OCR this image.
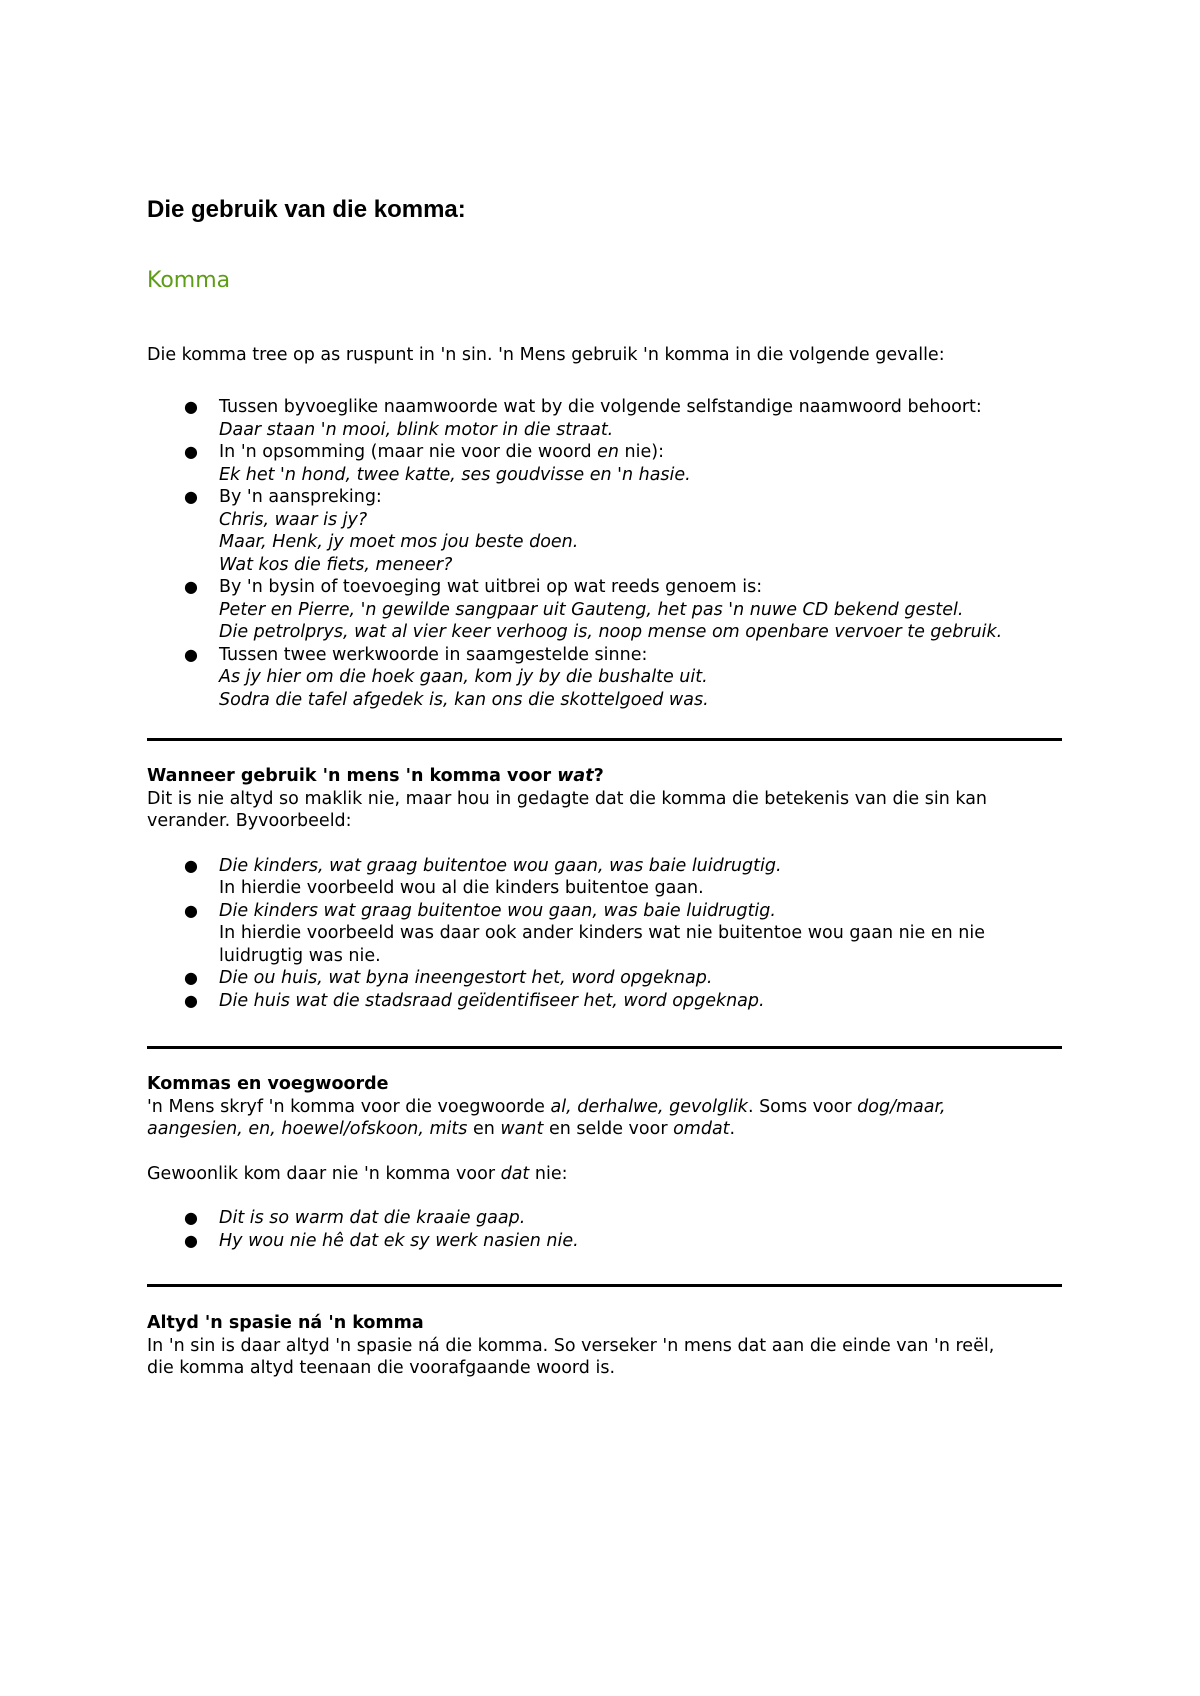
Die gebruik van die komma:
Komma

Die komma tree op as ruspunt in 'n sin. 'n Mens gebruik 'n komma in die volgende gevalle:

● Tussen byvoeglike naamwoorde wat by die volgende selfstandige naamwoord behoort:
Daar staan 'n mooi, blink motor in die straat.
● In 'n opsomming (maar nie voor die woord en nie):
Ek het 'n hond, twee katte, ses goudvisse en 'n hasie.
● By 'n aanspreking:
Chris, waar is jy?
Maar, Henk, jy moet mos jou beste doen.
Wat kos die fiets, meneer?
● By 'n bysin of toevoeging wat uitbrei op wat reeds genoem is:
Peter en Pierre, 'n gewilde sangpaar uit Gauteng, het pas 'n nuwe CD bekend gestel.
Die petrolprys, wat al vier keer verhoog is, noop mense om openbare vervoer te gebruik.
● Tussen twee werkwoorde in saamgestelde sinne:
As jy hier om die hoek gaan, kom jy by die bushalte uit.
Sodra die tafel afgedek is, kan ons die skottelgoed was.
Wanneer gebruik 'n mens 'n komma voor wat?
Dit is nie altyd so maklik nie, maar hou in gedagte dat die komma die betekenis van die sin kan
verander. Byvoorbeeld:
● Die kinders, wat graag buitentoe wou gaan, was baie luidrugtig.
In hierdie voorbeeld wou al die kinders buitentoe gaan.
● Die kinders wat graag buitentoe wou gaan, was baie luidrugtig.
In hierdie voorbeeld was daar ook ander kinders wat nie buitentoe wou gaan nie en nie
luidrugtig was nie.
● Die ou huis, wat byna ineengestort het, word opgeknap.
● Die huis wat die stadsraad geïdentifiseer het, word opgeknap.
Kommas en voegwoorde
'n Mens skryf 'n komma voor die voegwoorde al, derhalwe, gevolglik. Soms voor dog/maar,
aangesien, en, hoewel/ofskoon, mits en want en selde voor omdat.
Gewoonlik kom daar nie 'n komma voor dat nie:
● Dit is so warm dat die kraaie gaap.
● Hy wou nie hê dat ek sy werk nasien nie.
Altyd 'n spasie ná 'n komma
In 'n sin is daar altyd 'n spasie ná die komma. So verseker 'n mens dat aan die einde van 'n reël,
die komma altyd teenaan die voorafgaande woord is.
